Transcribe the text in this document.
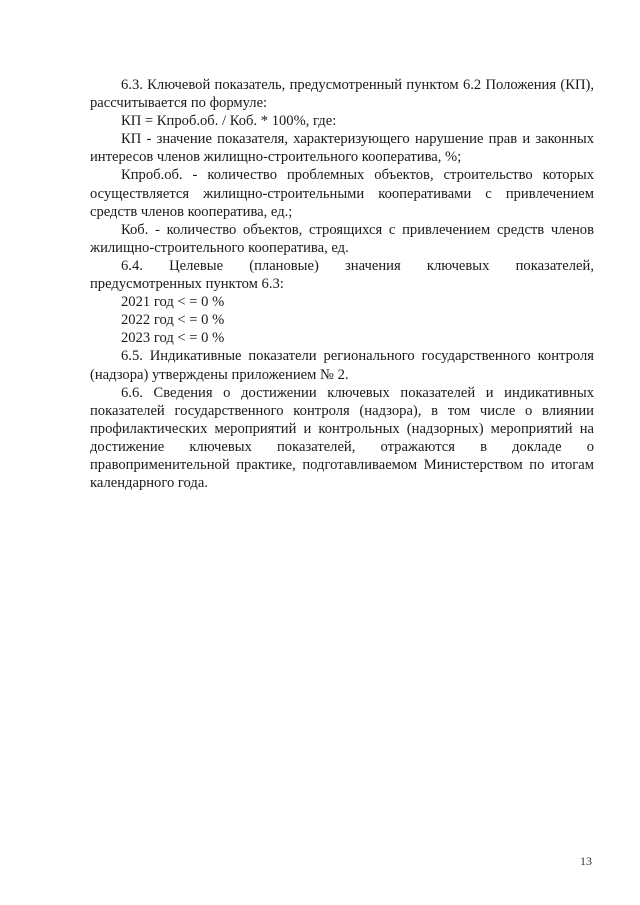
6.3. Ключевой показатель, предусмотренный пунктом 6.2 Положения (КП), рассчитывается по формуле:

КП = Кпроб.об. / Коб. * 100%, где:

КП - значение показателя, характеризующего нарушение прав и законных интересов членов жилищно-строительного кооператива, %;

Кпроб.об. - количество проблемных объектов, строительство которых осуществляется жилищно-строительными кооперативами с привлечением средств членов кооператива, ед.;

Коб. - количество объектов, строящихся с привлечением средств членов жилищно-строительного кооператива, ед.

6.4. Целевые (плановые) значения ключевых показателей, предусмотренных пунктом 6.3:

2021 год < = 0 %

2022 год < = 0 %

2023 год < = 0 %

6.5. Индикативные показатели регионального государственного контроля (надзора) утверждены приложением № 2.

6.6. Сведения о достижении ключевых показателей и индикативных показателей государственного контроля (надзора), в том числе о влиянии профилактических мероприятий и контрольных (надзорных) мероприятий на достижение ключевых показателей, отражаются в докладе о правоприменительной практике, подготавливаемом Министерством по итогам календарного года.

13
